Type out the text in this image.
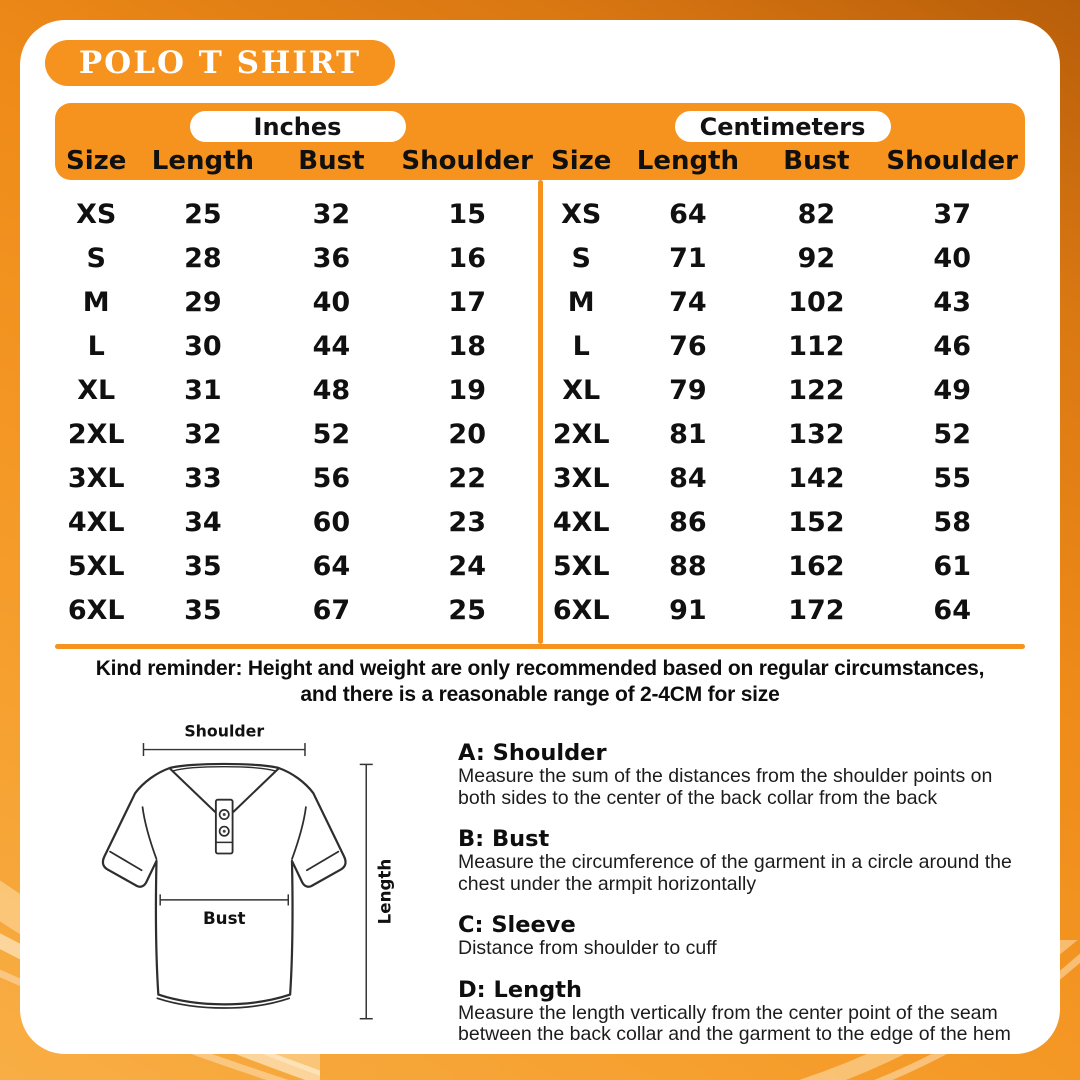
POLO T SHIRT
Inches
Size Length	Bust	Shoulder
Centimeters
Size Length	Bust	Shoulder
XS	25	32	15
S	28	36	16
M	29	40	17
L	30	44	18
XL	31	48	19
2XL	32	52	20
3XL	33	56	22
4XL	34	60	23
5XL	35	64	24
6XL	35	67	25
XS	64	82	37
S	71	92	40
M	74	102	43
L	76	112	46
XL	79	122	49
2XL	81	132	52
3XL	84	142	55
4XL	86	152	58
5XL	88	162	61
6XL	91	172	64
Kind reminder: Height and weight are only recommended based on regular circumstances,
and there is a reasonable range of 2-4CM for size
Shoulder
Bust	Length
A: Shoulder
Measure the sum of the distances from the shoulder points on both sides to the center of the back collar from the back
B: Bust
Measure the circumference of the garment in a circle around the chest under the armpit horizontally
C: Sleeve
Distance from shoulder to cuff
D: Length
Measure the length vertically from the center point of the seam between the back collar and the garment to the edge of the hem
